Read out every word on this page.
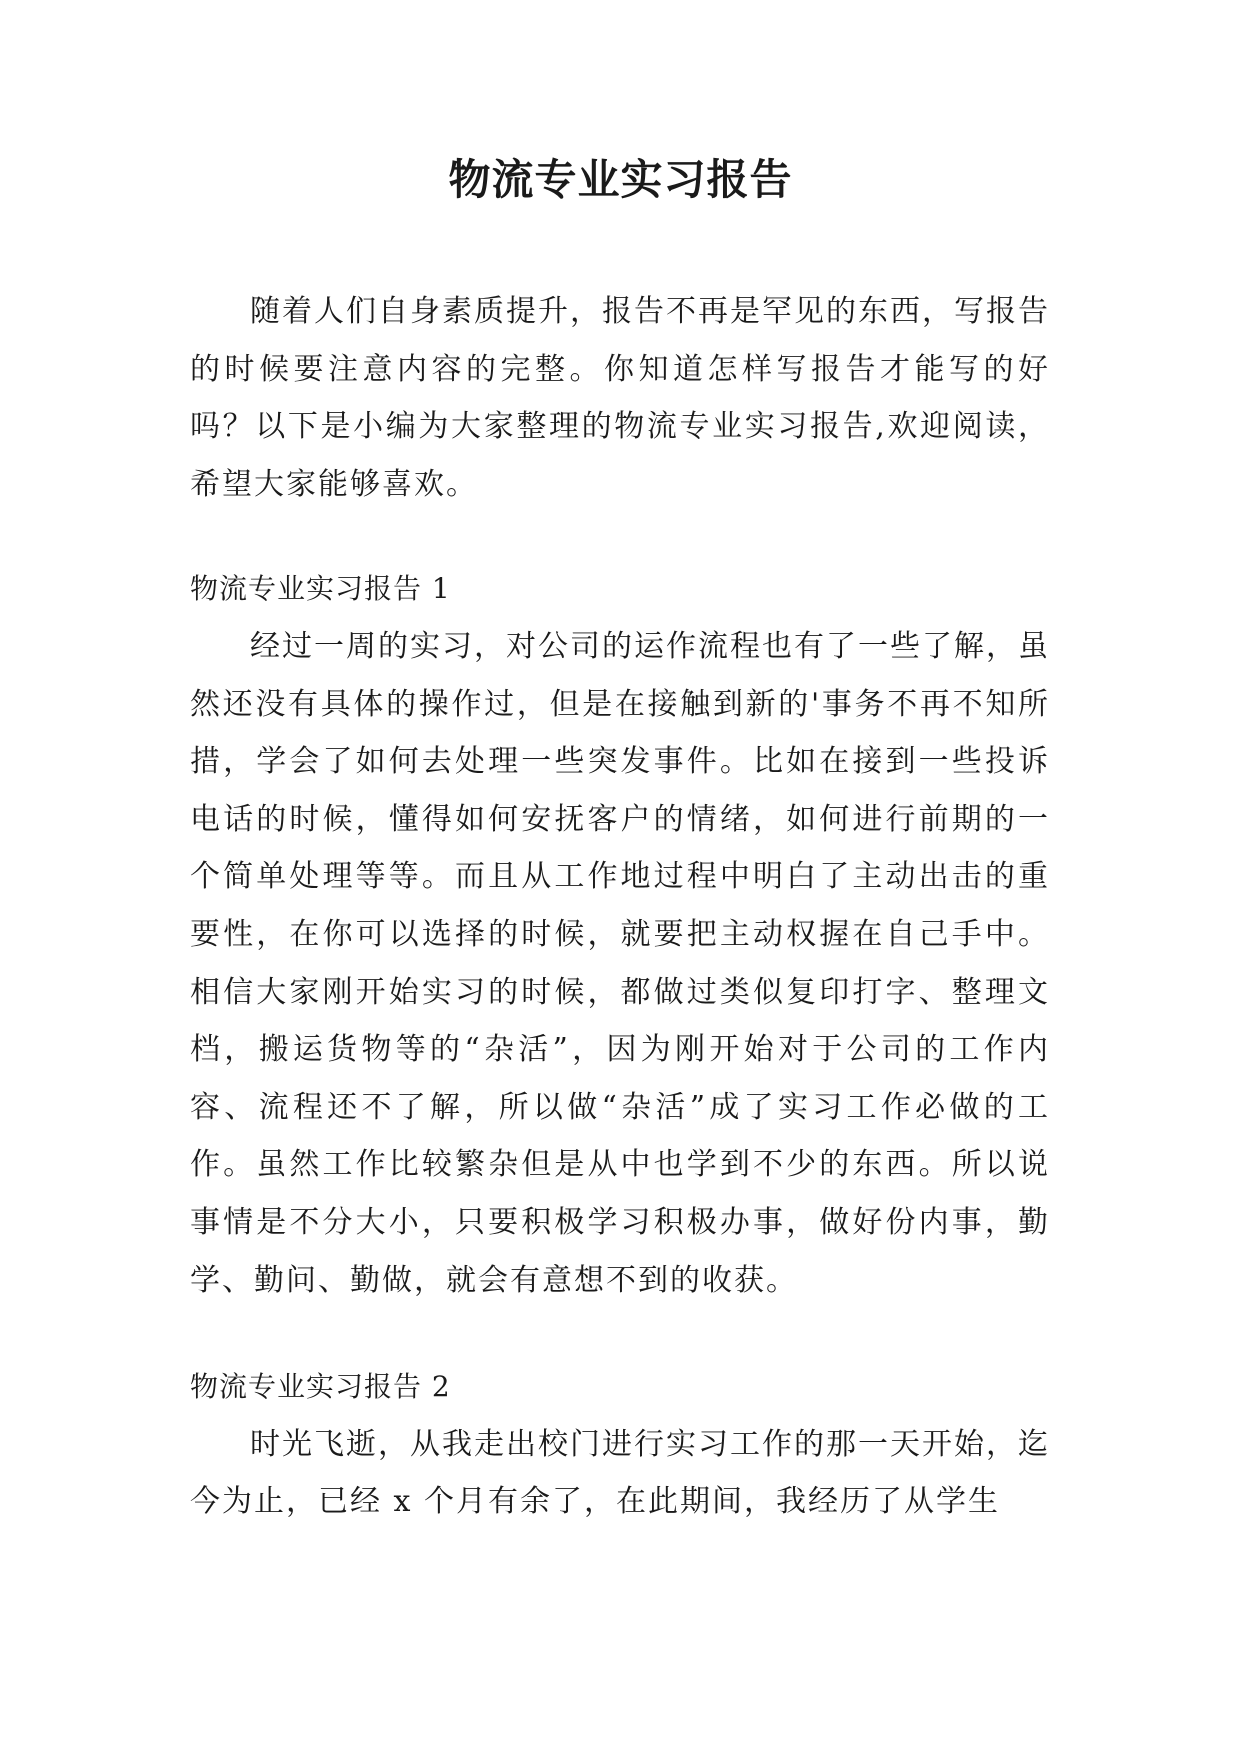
物流专业实习报告

随着人们自身素质提升，报告不再是罕见的东西，写报告的时候要注意内容的完整。你知道怎样写报告才能写的好吗？以下是小编为大家整理的物流专业实习报告,欢迎阅读，希望大家能够喜欢。

物流专业实习报告 1

经过一周的实习，对公司的运作流程也有了一些了解，虽然还没有具体的操作过，但是在接触到新的'事务不再不知所措，学会了如何去处理一些突发事件。比如在接到一些投诉电话的时候，懂得如何安抚客户的情绪，如何进行前期的一个简单处理等等。而且从工作地过程中明白了主动出击的重要性，在你可以选择的时候，就要把主动权握在自己手中。相信大家刚开始实习的时候，都做过类似复印打字、整理文档，搬运货物等的“杂活”，因为刚开始对于公司的工作内容、流程还不了解，所以做“杂活”成了实习工作必做的工作。虽然工作比较繁杂但是从中也学到不少的东西。所以说事情是不分大小，只要积极学习积极办事，做好份内事，勤学、勤问、勤做，就会有意想不到的收获。

物流专业实习报告 2

时光飞逝，从我走出校门进行实习工作的那一天开始，迄今为止，已经 x 个月有余了，在此期间，我经历了从学生
